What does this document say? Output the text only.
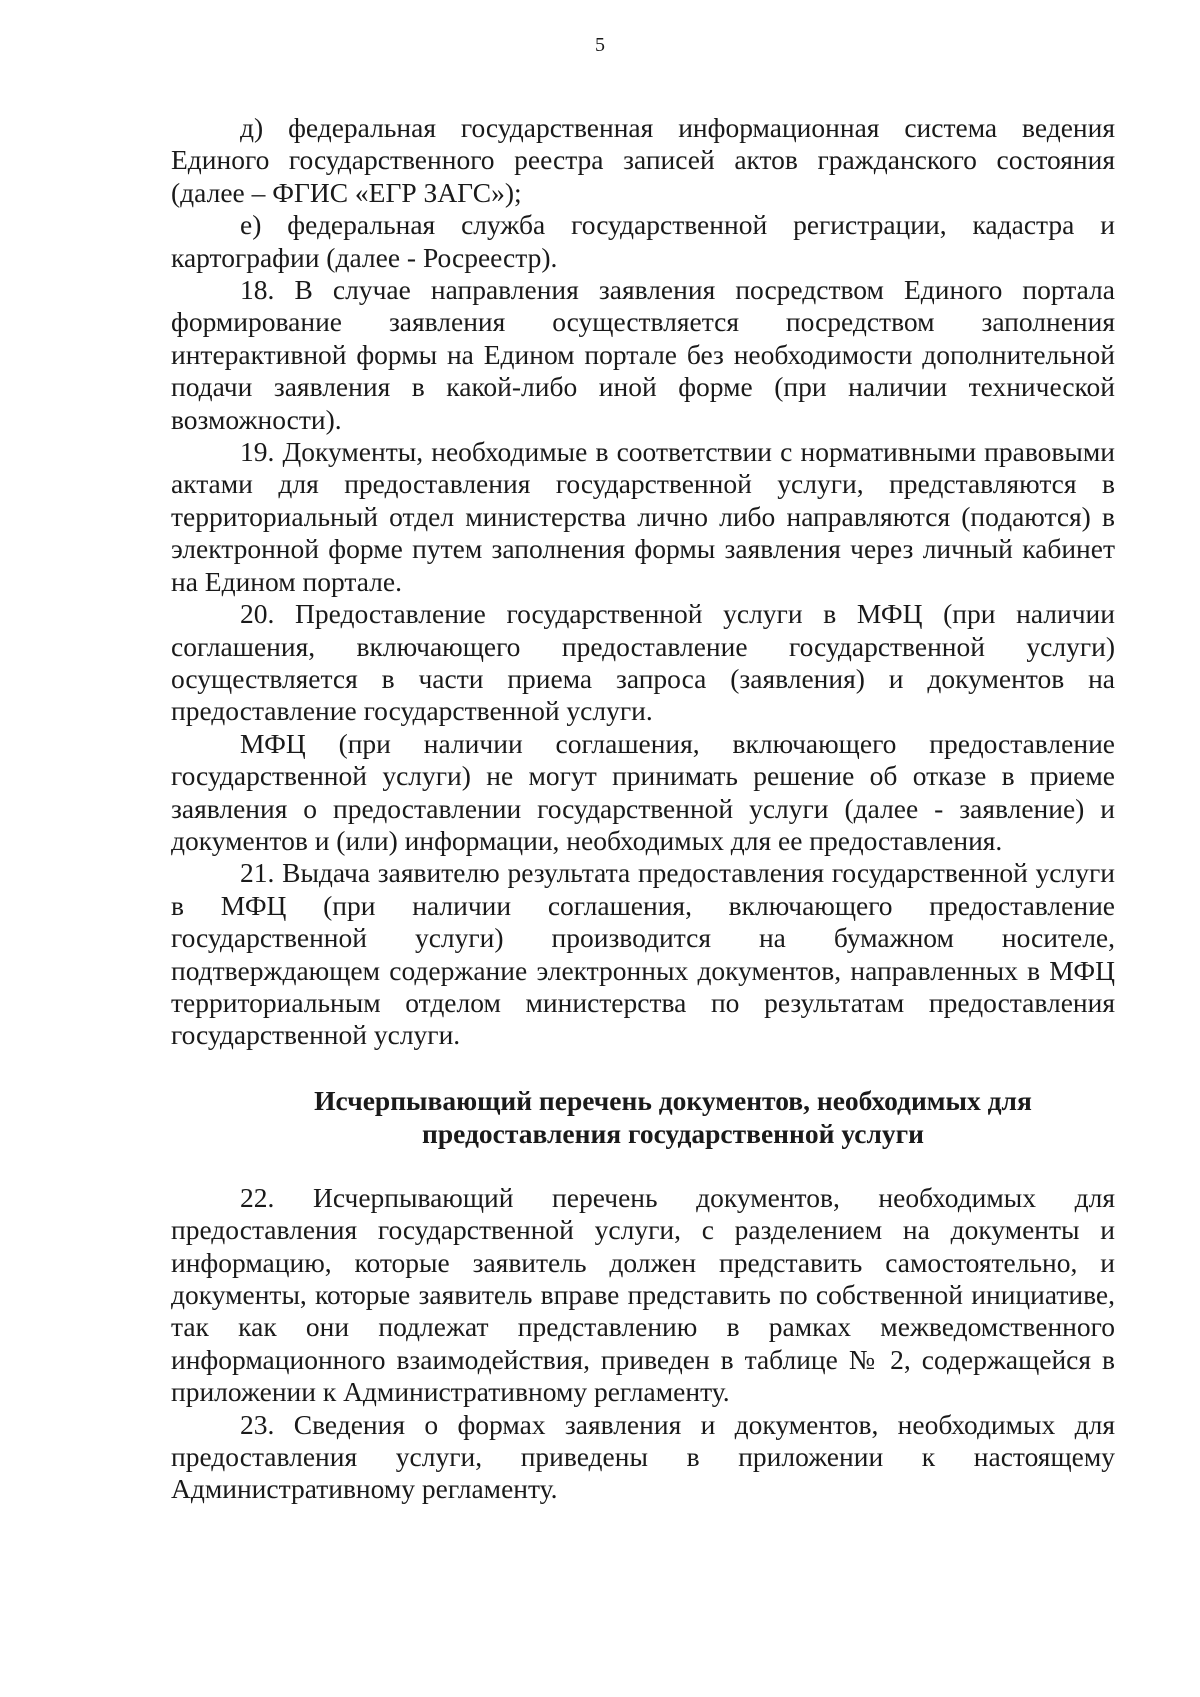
5

д) федеральная государственная информационная система ведения Единого государственного реестра записей актов гражданского состояния (далее – ФГИС «ЕГР ЗАГС»);

е) федеральная служба государственной регистрации, кадастра и картографии (далее - Росреестр).

18. В случае направления заявления посредством Единого портала формирование заявления осуществляется посредством заполнения интерактивной формы на Едином портале без необходимости дополнительной подачи заявления в какой-либо иной форме (при наличии технической возможности).

19. Документы, необходимые в соответствии с нормативными правовыми актами для предоставления государственной услуги, представляются в территориальный отдел министерства лично либо направляются (подаются) в электронной форме путем заполнения формы заявления через личный кабинет на Едином портале.

20. Предоставление государственной услуги в МФЦ (при наличии соглашения, включающего предоставление государственной услуги) осуществляется в части приема запроса (заявления) и документов на предоставление государственной услуги.

МФЦ (при наличии соглашения, включающего предоставление государственной услуги) не могут принимать решение об отказе в приеме заявления о предоставлении государственной услуги (далее - заявление) и документов и (или) информации, необходимых для ее предоставления.

21. Выдача заявителю результата предоставления государственной услуги в МФЦ (при наличии соглашения, включающего предоставление государственной услуги) производится на бумажном носителе, подтверждающем содержание электронных документов, направленных в МФЦ территориальным отделом министерства по результатам предоставления государственной услуги.

Исчерпывающий перечень документов, необходимых для
предоставления государственной услуги

22. Исчерпывающий перечень документов, необходимых для предоставления государственной услуги, с разделением на документы и информацию, которые заявитель должен представить самостоятельно, и документы, которые заявитель вправе представить по собственной инициативе, так как они подлежат представлению в рамках межведомственного информационного взаимодействия, приведен в таблице № 2, содержащейся в приложении к Административному регламенту.

23. Сведения о формах заявления и документов, необходимых для предоставления услуги, приведены в приложении к настоящему Административному регламенту.
